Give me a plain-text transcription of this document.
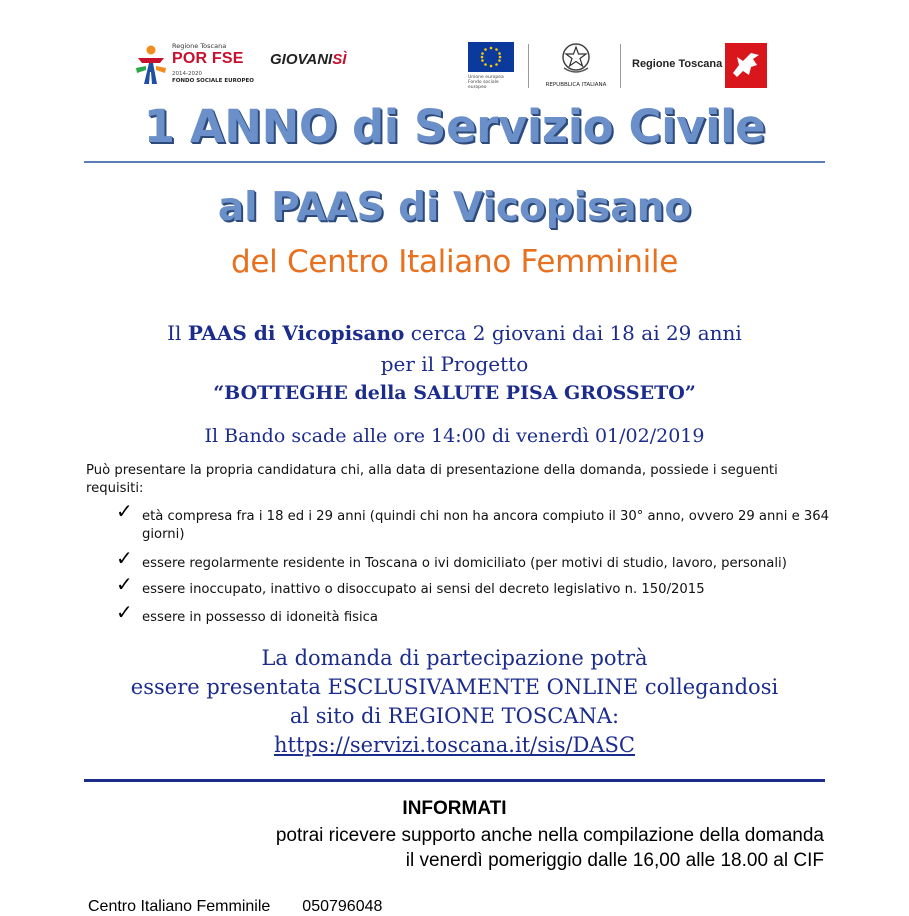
Regione Toscana
POR FSE
2014-2020
FONDO SOCIALE EUROPEO
GIOVANISÌ
Unione europea Fondo sociale europeo	REPUBBLICA ITALIANA
Regione Toscana
1 ANNO di Servizio Civile
al PAAS di Vicopisano
del Centro Italiano Femminile
Il PAAS di Vicopisano cerca 2 giovani dai 18 ai 29 anni
per il Progetto
“BOTTEGHE della SALUTE PISA GROSSETO”
Il Bando scade alle ore 14:00 di venerdì 01/02/2019
Può presentare la propria candidatura chi, alla data di presentazione della domanda, possiede i seguenti requisiti:
✓ età compresa fra i 18 ed i 29 anni (quindi chi non ha ancora compiuto il 30° anno, ovvero 29 anni e 364 giorni)
✓ essere regolarmente residente in Toscana o ivi domiciliato (per motivi di studio, lavoro, personali)
✓ essere inoccupato, inattivo o disoccupato ai sensi del decreto legislativo n. 150/2015
✓ essere in possesso di idoneità fisica
La domanda di partecipazione potrà
essere presentata ESCLUSIVAMENTE ONLINE collegandosi
al sito di REGIONE TOSCANA:
https://servizi.toscana.it/sis/DASC
INFORMATI
potrai ricevere supporto anche nella compilazione della domanda
il venerdì pomeriggio dalle 16,00 alle 18.00 al CIF
Centro Italiano Femminile 050796048
